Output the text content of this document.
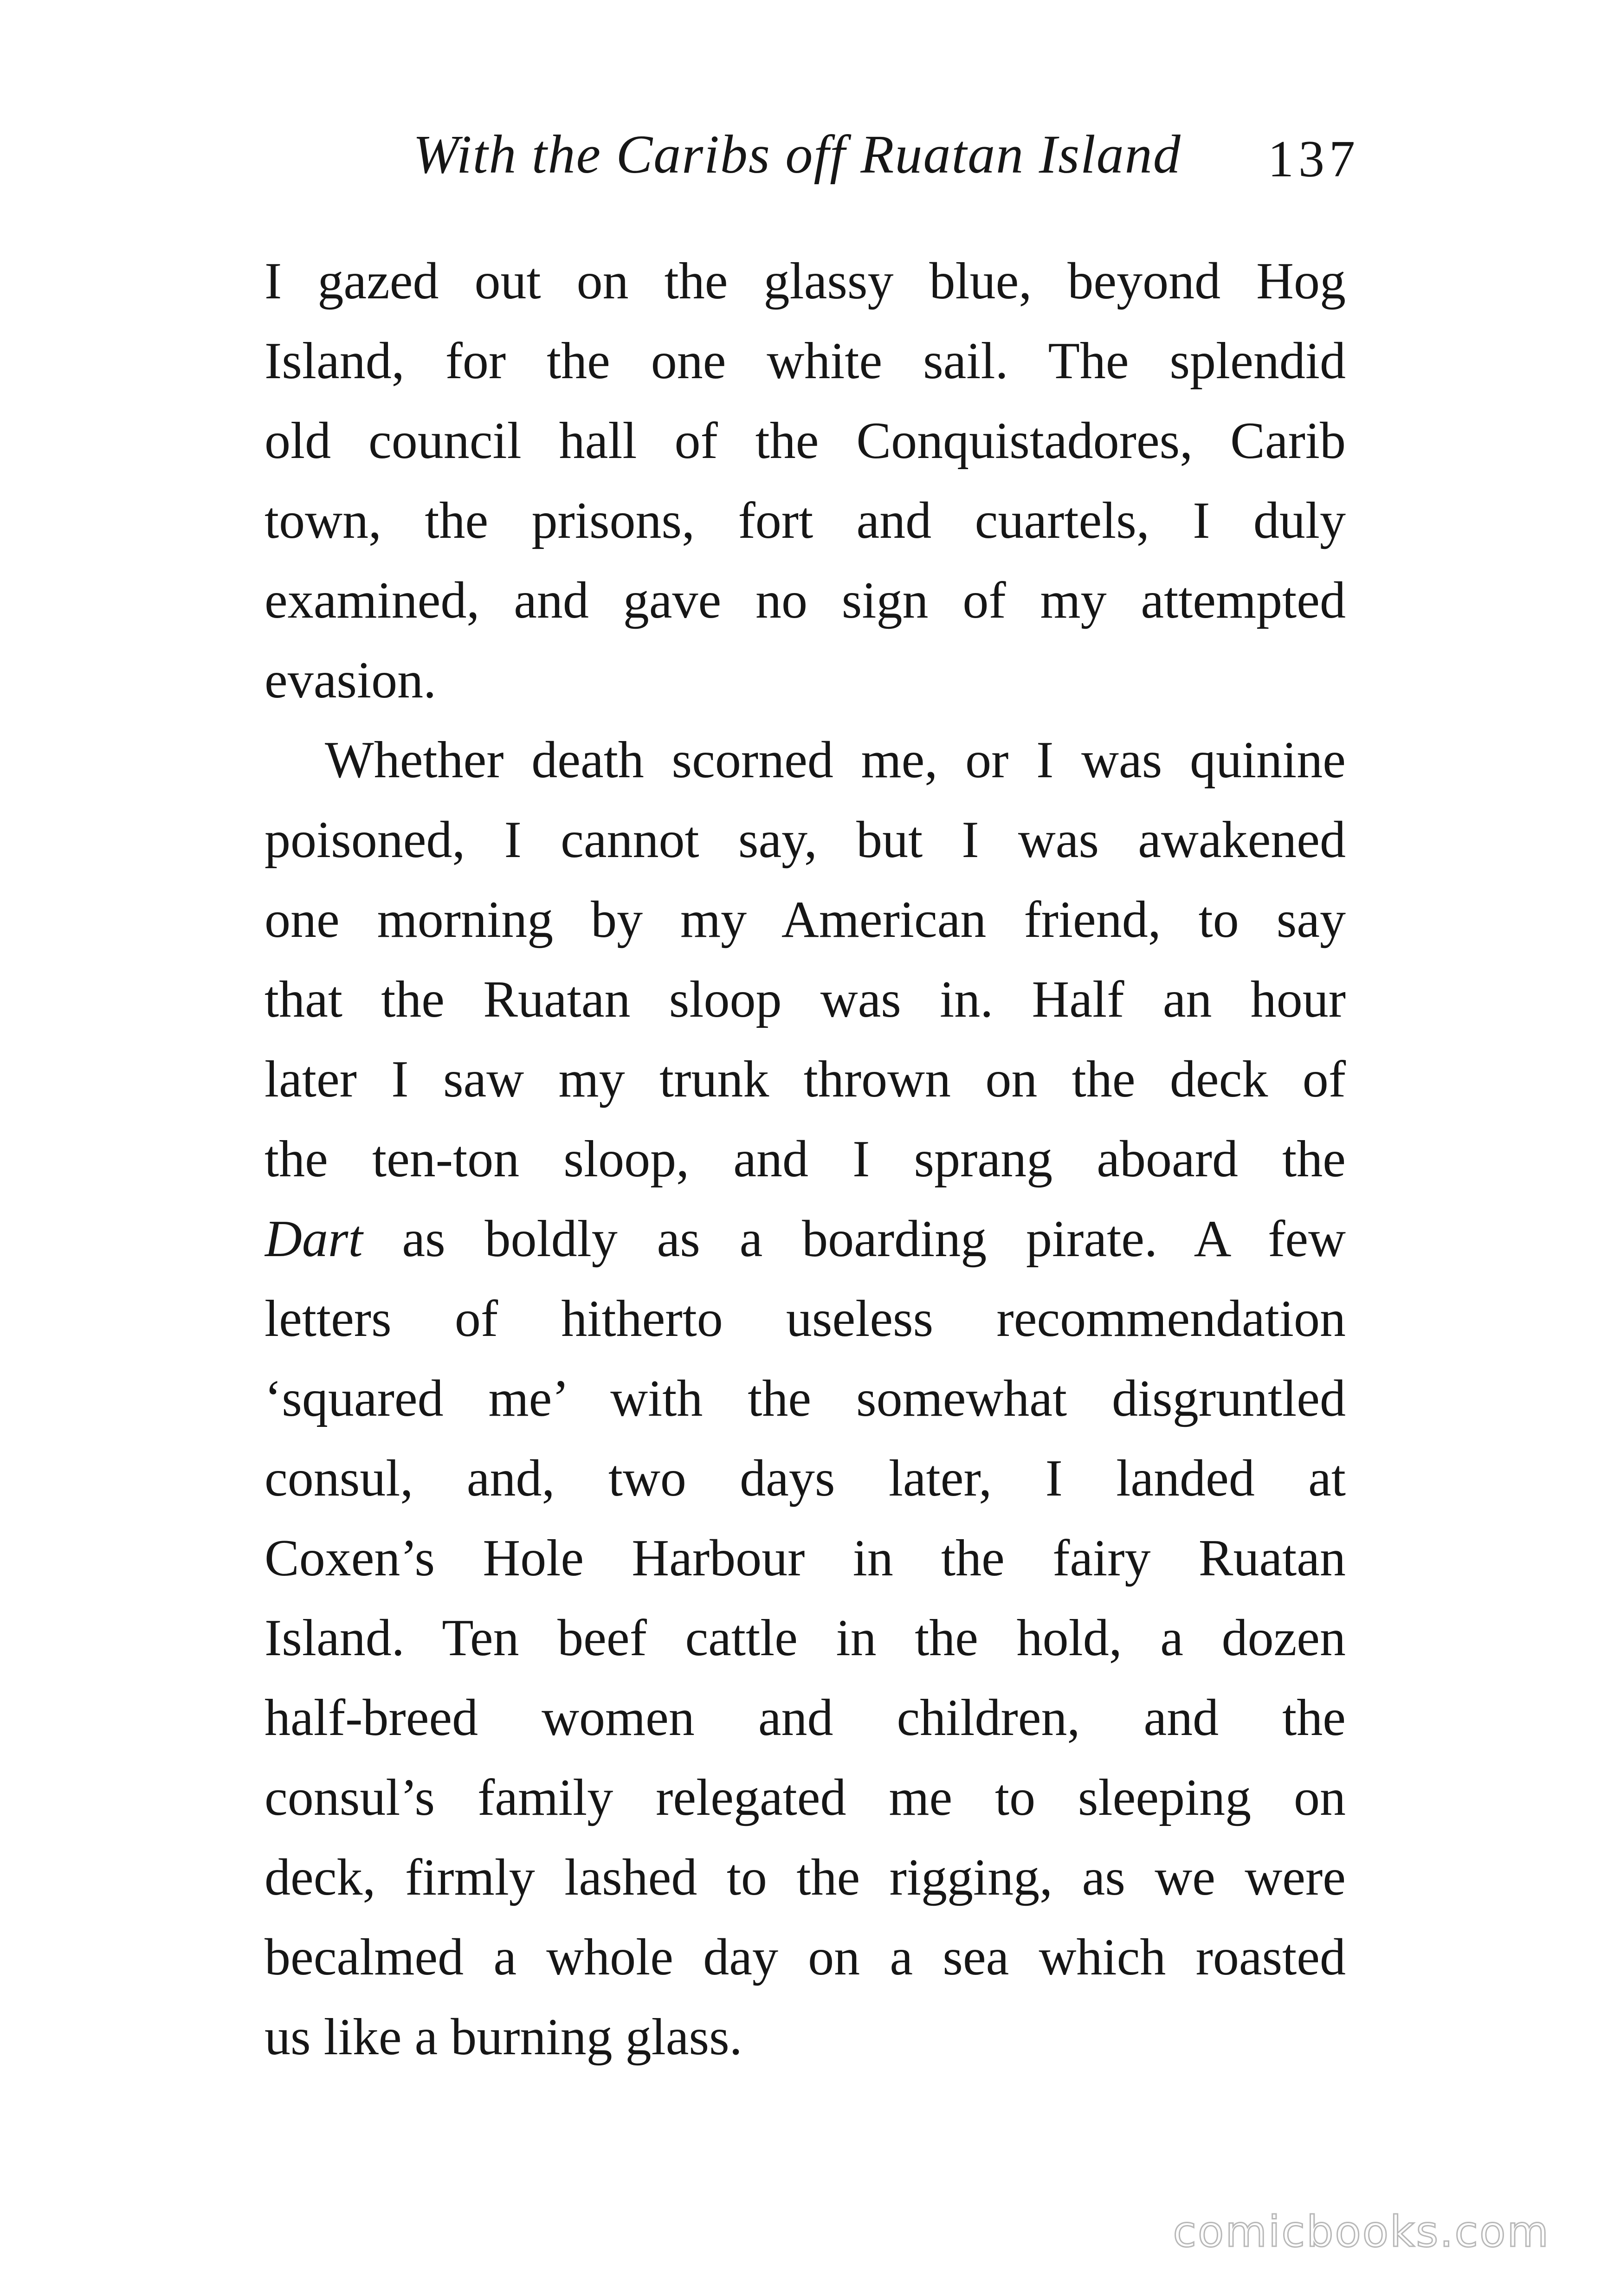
With the Caribs off Ruatan Island 137
I gazed out on the glassy blue, beyond Hog
Island, for the one white sail. The splendid
old council hall of the Conquistadores, Carib
town, the prisons, fort and cuartels, I duly
examined, and gave no sign of my attempted
evasion.
Whether death scorned me, or I was quinine
poisoned, I cannot say, but I was awakened
one morning by my American friend, to say
that the Ruatan sloop was in. Half an hour
later I saw my trunk thrown on the deck of
the ten-ton sloop, and I sprang aboard the
Dart as boldly as a boarding pirate. A few
letters of hitherto useless recommendation
‘squared me’ with the somewhat disgruntled
consul, and, two days later, I landed at
Coxen’s Hole Harbour in the fairy Ruatan
Island. Ten beef cattle in the hold, a dozen
half-breed women and children, and the
consul’s family relegated me to sleeping on
deck, firmly lashed to the rigging, as we were
becalmed a whole day on a sea which roasted
us like a burning glass.
comicbooks.com
